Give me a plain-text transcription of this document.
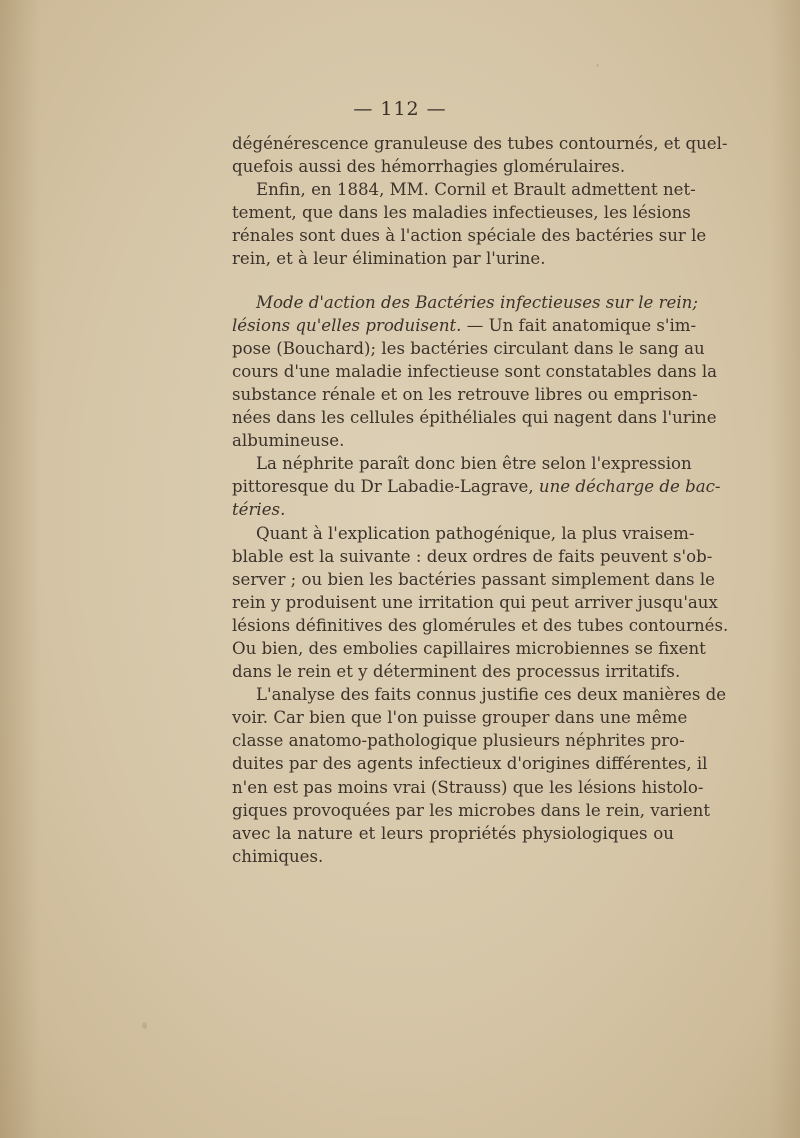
— 112 —
dégénérescence granuleuse des tubes contournés, et quel-
quefois aussi des hémorrhagies glomérulaires.
Enfin, en 1884, MM. Cornil et Brault admettent net-
tement, que dans les maladies infectieuses, les lésions
rénales sont dues à l'action spéciale des bactéries sur le
rein, et à leur élimination par l'urine.
Mode d'action des Bactéries infectieuses sur le rein;
lésions qu'elles produisent. — Un fait anatomique s'im-
pose (Bouchard); les bactéries circulant dans le sang au
cours d'une maladie infectieuse sont constatables dans la
substance rénale et on les retrouve libres ou emprison-
nées dans les cellules épithéliales qui nagent dans l'urine
albumineuse.
La néphrite paraît donc bien être selon l'expression
pittoresque du Dr Labadie-Lagrave, une décharge de bac-
téries.
Quant à l'explication pathogénique, la plus vraisem-
blable est la suivante : deux ordres de faits peuvent s'ob-
server ; ou bien les bactéries passant simplement dans le
rein y produisent une irritation qui peut arriver jusqu'aux
lésions définitives des glomérules et des tubes contournés.
Ou bien, des embolies capillaires microbiennes se fixent
dans le rein et y déterminent des processus irritatifs.
L'analyse des faits connus justifie ces deux manières de
voir. Car bien que l'on puisse grouper dans une même
classe anatomo-pathologique plusieurs néphrites pro-
duites par des agents infectieux d'origines différentes, il
n'en est pas moins vrai (Strauss) que les lésions histolo-
giques provoquées par les microbes dans le rein, varient
avec la nature et leurs propriétés physiologiques ou
chimiques.
